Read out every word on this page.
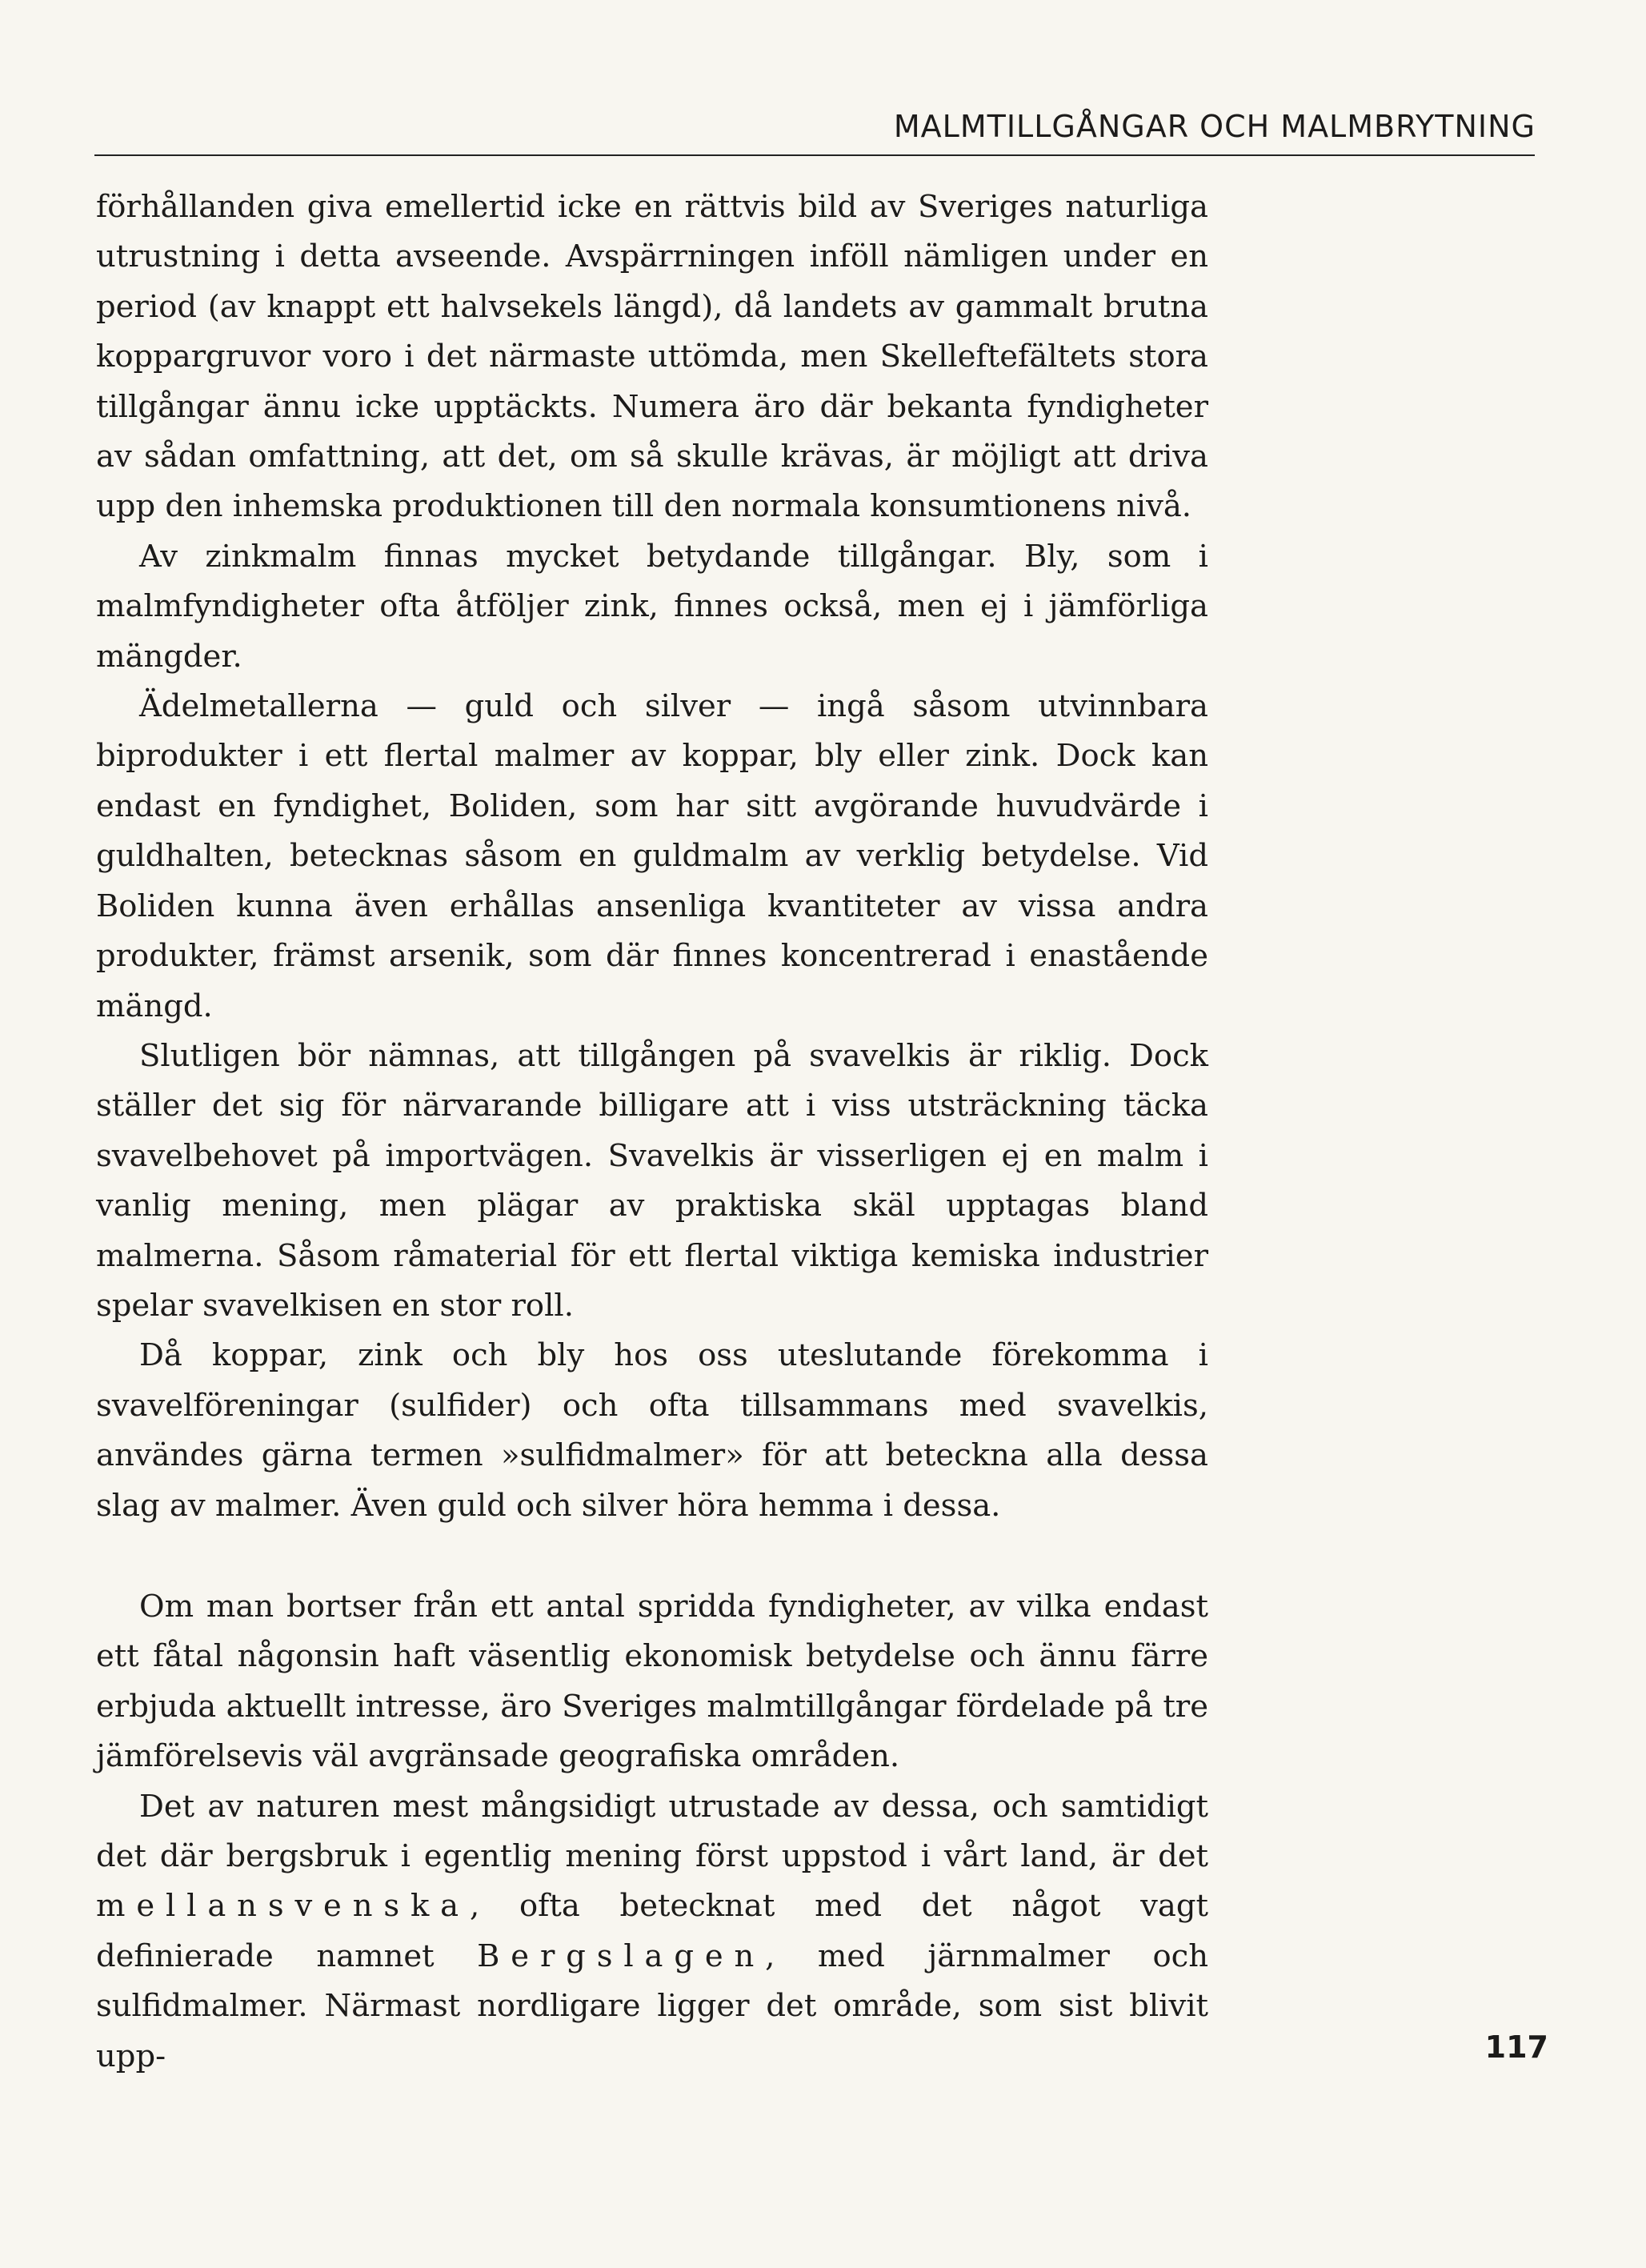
MALMTILLGÅNGAR OCH MALMBRYTNING

förhållanden giva emellertid icke en rättvis bild av Sveriges naturliga utrustning i detta avseende. Avspärrningen inföll nämligen under en period (av knappt ett halvsekels längd), då landets av gammalt brutna koppargruvor voro i det närmaste uttömda, men Skelleftefältets stora tillgångar ännu icke upptäckts. Numera äro där bekanta fyndigheter av sådan omfattning, att det, om så skulle krävas, är möjligt att driva upp den inhemska produktionen till den normala konsumtionens nivå.

Av zinkmalm finnas mycket betydande tillgångar. Bly, som i malmfyndigheter ofta åtföljer zink, finnes också, men ej i jämförliga mängder.

Ädelmetallerna — guld och silver — ingå såsom utvinnbara biprodukter i ett flertal malmer av koppar, bly eller zink. Dock kan endast en fyndighet, Boliden, som har sitt avgörande huvudvärde i guldhalten, betecknas såsom en guldmalm av verklig betydelse. Vid Boliden kunna även erhållas ansenliga kvantiteter av vissa andra produkter, främst arsenik, som där finnes koncentrerad i enastående mängd.

Slutligen bör nämnas, att tillgången på svavelkis är riklig. Dock ställer det sig för närvarande billigare att i viss utsträckning täcka svavelbehovet på importvägen. Svavelkis är visserligen ej en malm i vanlig mening, men plägar av praktiska skäl upptagas bland malmerna. Såsom råmaterial för ett flertal viktiga kemiska industrier spelar svavelkisen en stor roll.

Då koppar, zink och bly hos oss uteslutande förekomma i svavelföreningar (sulfider) och ofta tillsammans med svavelkis, användes gärna termen »sulfidmalmer» för att beteckna alla dessa slag av malmer. Även guld och silver höra hemma i dessa.

Om man bortser från ett antal spridda fyndigheter, av vilka endast ett fåtal någonsin haft väsentlig ekonomisk betydelse och ännu färre erbjuda aktuellt intresse, äro Sveriges malmtillgångar fördelade på tre jämförelsevis väl avgränsade geografiska områden.

Det av naturen mest mångsidigt utrustade av dessa, och samtidigt det där bergsbruk i egentlig mening först uppstod i vårt land, är det mellansvenska, ofta betecknat med det något vagt definierade namnet Bergslagen, med järnmalmer och sulfidmalmer. Närmast nordligare ligger det område, som sist blivit upp-	117
